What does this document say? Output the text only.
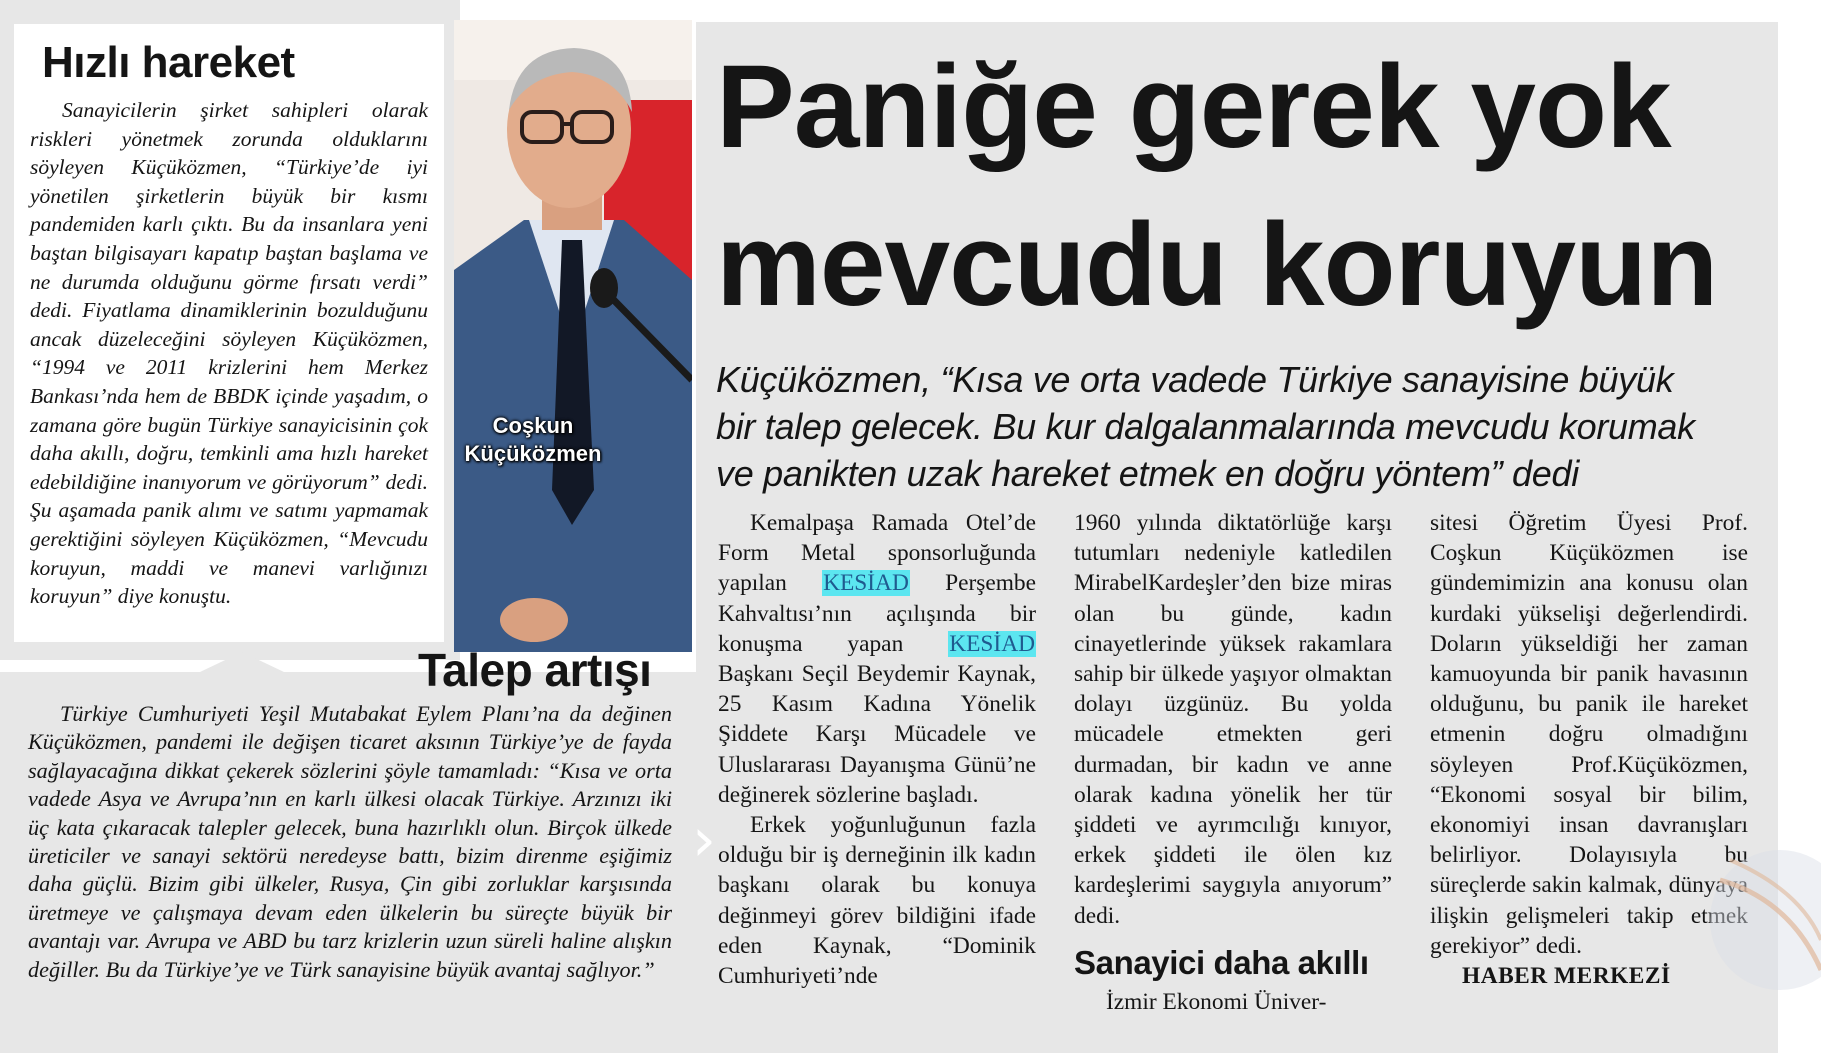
Hızlı hareket

Sanayicilerin şirket sahipleri olarak riskleri yönetmek zorunda olduklarını söyleyen Küçüközmen, “Türkiye’de iyi yönetilen şirketlerin büyük bir kısmı pandemiden karlı çıktı. Bu da insanlara yeni baştan bilgisayarı kapatıp baştan başlama ve ne durumda olduğunu görme fırsatı verdi” dedi. Fiyatlama dinamiklerinin bozulduğunu ancak düzeleceğini söyleyen Küçüközmen, “1994 ve 2011 krizlerini hem Merkez Bankası’nda hem de BBDK içinde yaşadım, o zamana göre bugün Türkiye sanayicisinin çok daha akıllı, doğru, temkinli ama hızlı hareket edebildiğine inanıyorum ve görüyorum” dedi. Şu aşamada panik alımı ve satımı yapmamak gerektiğini söyleyen Küçüközmen, “Mevcudu koruyun, maddi ve manevi varlığınızı koruyun” diye konuştu.

Coşkun
Küçüközmen
Talep artışı

Türkiye Cumhuriyeti Yeşil Mutabakat Eylem Planı’na da değinen Küçüközmen, pandemi ile değişen ticaret aksının Türkiye’ye de fayda sağlayacağına dikkat çekerek sözlerini şöyle tamamladı: “Kısa ve orta vadede Asya ve Avrupa’nın en karlı ülkesi olacak Türkiye. Arzınızı iki üç kata çıkaracak talepler gelecek, buna hazırlıklı olun. Birçok ülkede üreticiler ve sanayi sektörü neredeyse battı, bizim direnme eşiğimiz daha güçlü. Bizim gibi ülkeler, Rusya, Çin gibi zorluklar karşısında üretmeye ve çalışmaya devam eden ülkelerin bu süreçte büyük bir avantajı var. Avrupa ve ABD bu tarz krizlerin uzun süreli haline alışkın değiller. Bu da Türkiye’ye ve Türk sanayisine büyük avantaj sağlıyor.”

Paniğe gerek yok
mevcudu koruyun
Küçüközmen, “Kısa ve orta vadede Türkiye sanayisine büyük
bir talep gelecek. Bu kur dalgalanmalarında mevcudu korumak
ve panikten uzak hareket etmek en doğru yöntem” dedi

Kemalpaşa Ramada Otel’de Form Metal sponsorluğunda yapılan KESİAD Perşembe Kahvaltısı’nın açılışında bir konuşma yapan KESİAD Başkanı Seçil Beydemir Kaynak, 25 Kasım Kadına Yönelik Şiddete Karşı Mücadele ve Uluslararası Dayanışma Günü’ne değinerek sözlerine başladı.

Erkek yoğunluğunun fazla olduğu bir iş derneğinin ilk kadın başkanı olarak bu konuya değinmeyi görev bildiğini ifade eden Kaynak, “Dominik Cumhuriyeti’nde

1960 yılında diktatörlüğe karşı tutumları nedeniyle katledilen MirabelKardeşler’den bize miras olan bu günde, kadın cinayetlerinde yüksek rakamlara sahip bir ülkede yaşıyor olmaktan dolayı üzgünüz. Bu yolda mücadele etmekten geri durmadan, bir kadın ve anne olarak kadına yönelik her tür şiddeti ve ayrımcılığı kınıyor, erkek şiddeti ile ölen kız kardeşlerimi saygıyla anıyorum” dedi.

Sanayici daha akıllı

İzmir Ekonomi Üniver-

sitesi Öğretim Üyesi Prof. Coşkun Küçüközmen ise gündemimizin ana konusu olan kurdaki yükselişi değerlendirdi. Doların yükseldiği her zaman kamuoyunda bir panik havasının olduğunu, bu panik ile hareket etmenin doğru olmadığını söyleyen Prof.Küçüközmen, “Ekonomi sosyal bir bilim, ekonomiyi insan davranışları belirliyor. Dolayısıyla bu süreçlerde sakin kalmak, dünyaya ilişkin gelişmeleri takip etmek gerekiyor” dedi.

HABER MERKEZİ

›
